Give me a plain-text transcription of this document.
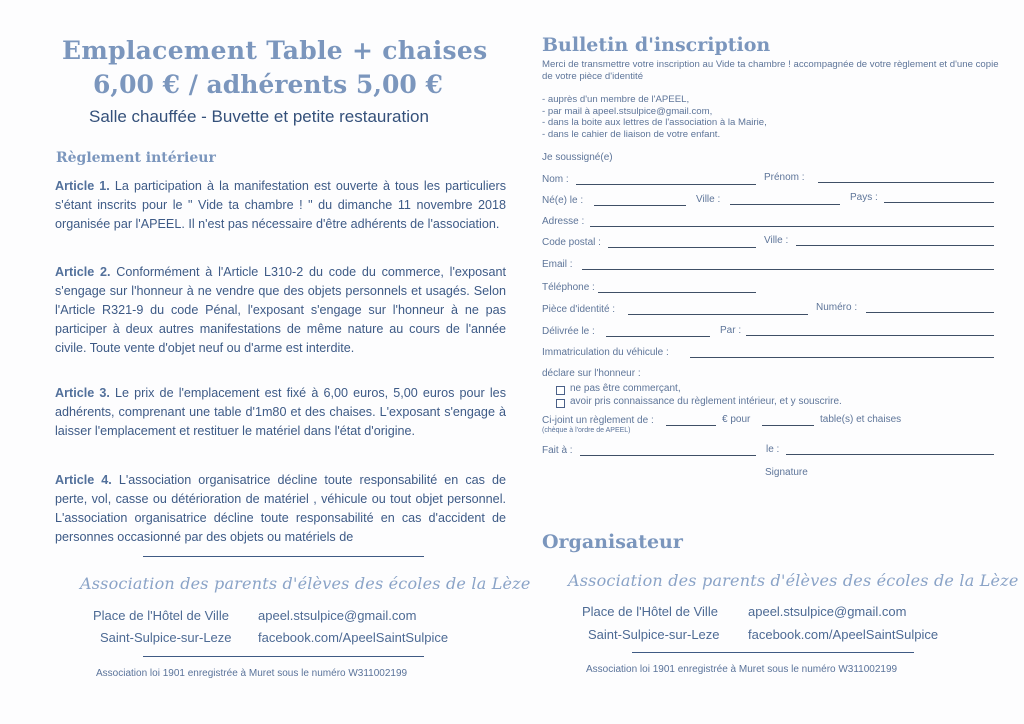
Emplacement Table + chaises
6,00 € / adhérents 5,00 €
Salle chauffée - Buvette et petite restauration
Règlement intérieur
Article 1. La participation à la manifestation est ouverte à tous les particuliers s'étant inscrits pour le " Vide ta chambre ! " du dimanche 11 novembre 2018 organisée par l'APEEL. Il n'est pas nécessaire d'être adhérents de l'association.
Article 2. Conformément à l'Article L310-2 du code du commerce, l'exposant s'engage sur l'honneur à ne vendre que des objets personnels et usagés. Selon l'Article R321-9 du code Pénal, l'exposant s'engage sur l'honneur à ne pas participer à deux autres manifestations de même nature au cours de l'année civile. Toute vente d'objet neuf ou d'arme est interdite.
Article 3. Le prix de l'emplacement est fixé à 6,00 euros, 5,00 euros pour les adhérents, comprenant une table d'1m80 et des chaises. L'exposant s'engage à laisser l'emplacement et restituer le matériel dans l'état d'origine.
Article 4. L'association organisatrice décline toute responsabilité en cas de perte, vol, casse ou détérioration de matériel , véhicule ou tout objet personnel. L'association organisatrice décline toute responsabilité en cas d'accident de personnes occasionné par des objets ou matériels de
Association des parents d'élèves des écoles de la Lèze
Place de l'Hôtel de Ville apeel.stsulpice@gmail.com
Saint-Sulpice-sur-Leze facebook.com/ApeelSaintSulpice
Association loi 1901 enregistrée à Muret sous le numéro W311002199
Bulletin d'inscription
Merci de transmettre votre inscription au Vide ta chambre ! accompagnée de votre règlement et d'une copie de votre pièce d'identité
- auprès d'un membre de l'APEEL,
- par mail à apeel.stsulpice@gmail.com,
- dans la boite aux lettres de l'association à la Mairie,
- dans le cahier de liaison de votre enfant.
Je soussigné(e)
Nom :	Prénom :
Né(e) le :	Ville :	Pays :
Adresse :
Code postal :	Ville :
Email :
Téléphone :
Pièce d'identité :	Numéro :
Délivrée le :	Par :
Immatriculation du véhicule :
déclare sur l'honneur :
ne pas être commerçant,
avoir pris connaissance du règlement intérieur, et y souscrire.
Ci-joint un règlement de :
(chèque à l'ordre de APEEL)
€ pour	table(s) et chaises
Fait à :	le :
Signature
Organisateur
Association des parents d'élèves des écoles de la Lèze
Place de l'Hôtel de Ville apeel.stsulpice@gmail.com
Saint-Sulpice-sur-Leze facebook.com/ApeelSaintSulpice
Association loi 1901 enregistrée à Muret sous le numéro W311002199
